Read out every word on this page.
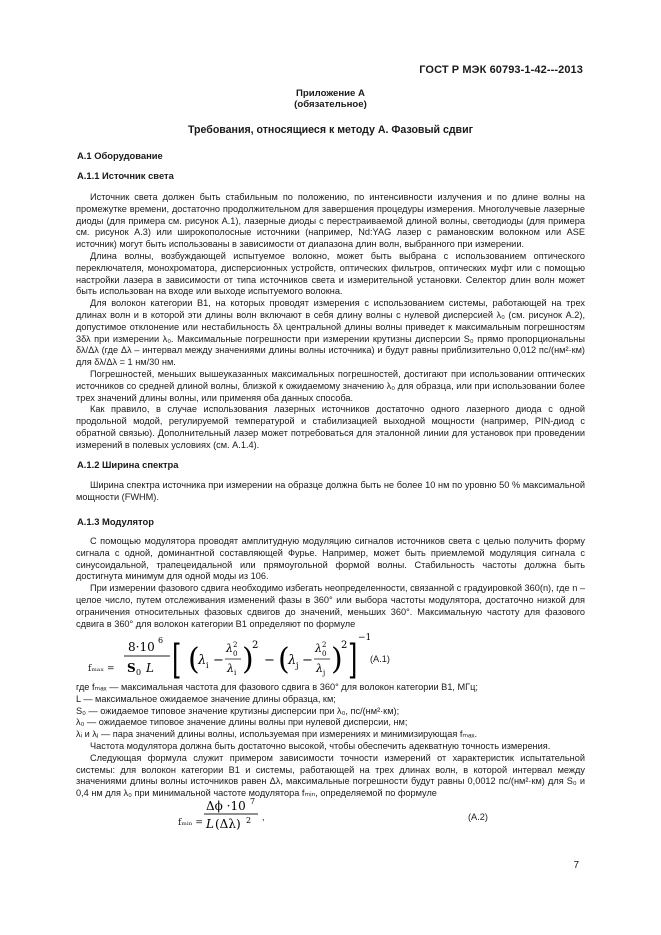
ГОСТ Р МЭК 60793-1-42---2013
Приложение А
(обязательное)
Требования, относящиеся к методу А. Фазовый сдвиг
А.1 Оборудование
А.1.1 Источник света

Источник света должен быть стабильным по положению, по интенсивности излучения и по длине волны на промежутке времени, достаточно продолжительном для завершения процедуры измерения. Многолучевые лазерные диоды (для примера см. рисунок А.1), лазерные диоды с перестраиваемой длиной волны, светодиоды (для примера см. рисунок А.3) или широкополосные источники (например, Nd:YAG лазер с рамановским волокном или ASE источник) могут быть использованы в зависимости от диапазона длин волн, выбранного при измерении.

Длина волны, возбуждающей испытуемое волокно, может быть выбрана с использованием оптического переключателя, монохроматора, дисперсионных устройств, оптических фильтров, оптических муфт или с помощью настройки лазера в зависимости от типа источников света и измерительной установки. Селектор длин волн может быть использован на входе или выходе испытуемого волокна.

Для волокон категории В1, на которых проводят измерения с использованием системы, работающей на трех длинах волн и в которой эти длины волн включают в себя длину волны с нулевой дисперсией λ₀ (см. рисунок А.2), допустимое отклонение или нестабильность δλ центральной длины волны приведет к максимальным погрешностям 3δλ при измерении λ₀. Максимальные погрешности при измерении крутизны дисперсии S₀ прямо пропорциональны δλ/Δλ (где Δλ – интервал между значениями длины волны источника) и будут равны приблизительно 0,012 пс/(нм²·км) для δλ/Δλ = 1 нм/30 нм.

Погрешностей, меньших вышеуказанных максимальных погрешностей, достигают при использовании оптических источников со средней длиной волны, близкой к ожидаемому значению λ₀ для образца, или при использовании более трех значений длины волны, или применяя оба данных способа.

Как правило, в случае использования лазерных источников достаточно одного лазерного диода с одной продольной модой, регулируемой температурой и стабилизацией выходной мощности (например, PIN-диод с обратной связью). Дополнительный лазер может потребоваться для эталонной линии для установок при проведении измерений в полевых условиях (см. А.1.4).

А.1.2 Ширина спектра

Ширина спектра источника при измерении на образце должна быть не более 10 нм по уровню 50 % максимальной мощности (FWHM).

А.1.3 Модулятор

С помощью модулятора проводят амплитудную модуляцию сигналов источников света с целью получить форму сигнала с одной, доминантной составляющей Фурье. Например, может быть приемлемой модуляция сигнала с синусоидальной, трапецеидальной или прямоугольной формой волны. Стабильность частоты должна быть достигнута минимум для одной моды из 106.

При измерении фазового сдвига необходимо избегать неопределенности, связанной с градуировкой 360(n), где n – целое число, путем отслеживания изменений фазы в 360° или выбора частоты модулятора, достаточно низкой для ограничения относительных фазовых сдвигов до значений, меньших 360°. Максимальную частоту для фазового сдвига в 360° для волокон категории В1 определяют по формуле

fₘₐₓ =
8·10 6
S 0 L [ (
λ i −
λ 2
0
λ i )
2
− (
λ j −
λ 2
0
λ j )
2 ] −1
(А.1)
где fₘₐₓ — максимальная частота для фазового сдвига в 360° для волокон категории В1, МГц;
L — максимальное ожидаемое значение длины образца, км;
S₀ — ожидаемое типовое значение крутизны дисперсии при λ₀, пс/(нм²·км);
λ₀ — ожидаемое типовое значение длины волны при нулевой дисперсии, нм;
λᵢ и λⱼ — пара значений длины волны, используемая при измерениях и минимизирующая fₘₐₓ.

Частота модулятора должна быть достаточно высокой, чтобы обеспечить адекватную точность измерения.

Следующая формула служит примером зависимости точности измерений от характеристик испытательной системы: для волокон категории В1 и системы, работающей на трех длинах волн, в которой интервал между значениями длины волны источников равен Δλ, максимальные погрешности будут равны 0,0012 пс/(нм²·км) для S₀ и 0,4 нм для λ₀ при минимальной частоте модулятора fₘᵢₙ, определяемой по формуле

fₘᵢₙ =
Δϕ ·10 7
L (Δλ) 2 ,	(А.2)
7
